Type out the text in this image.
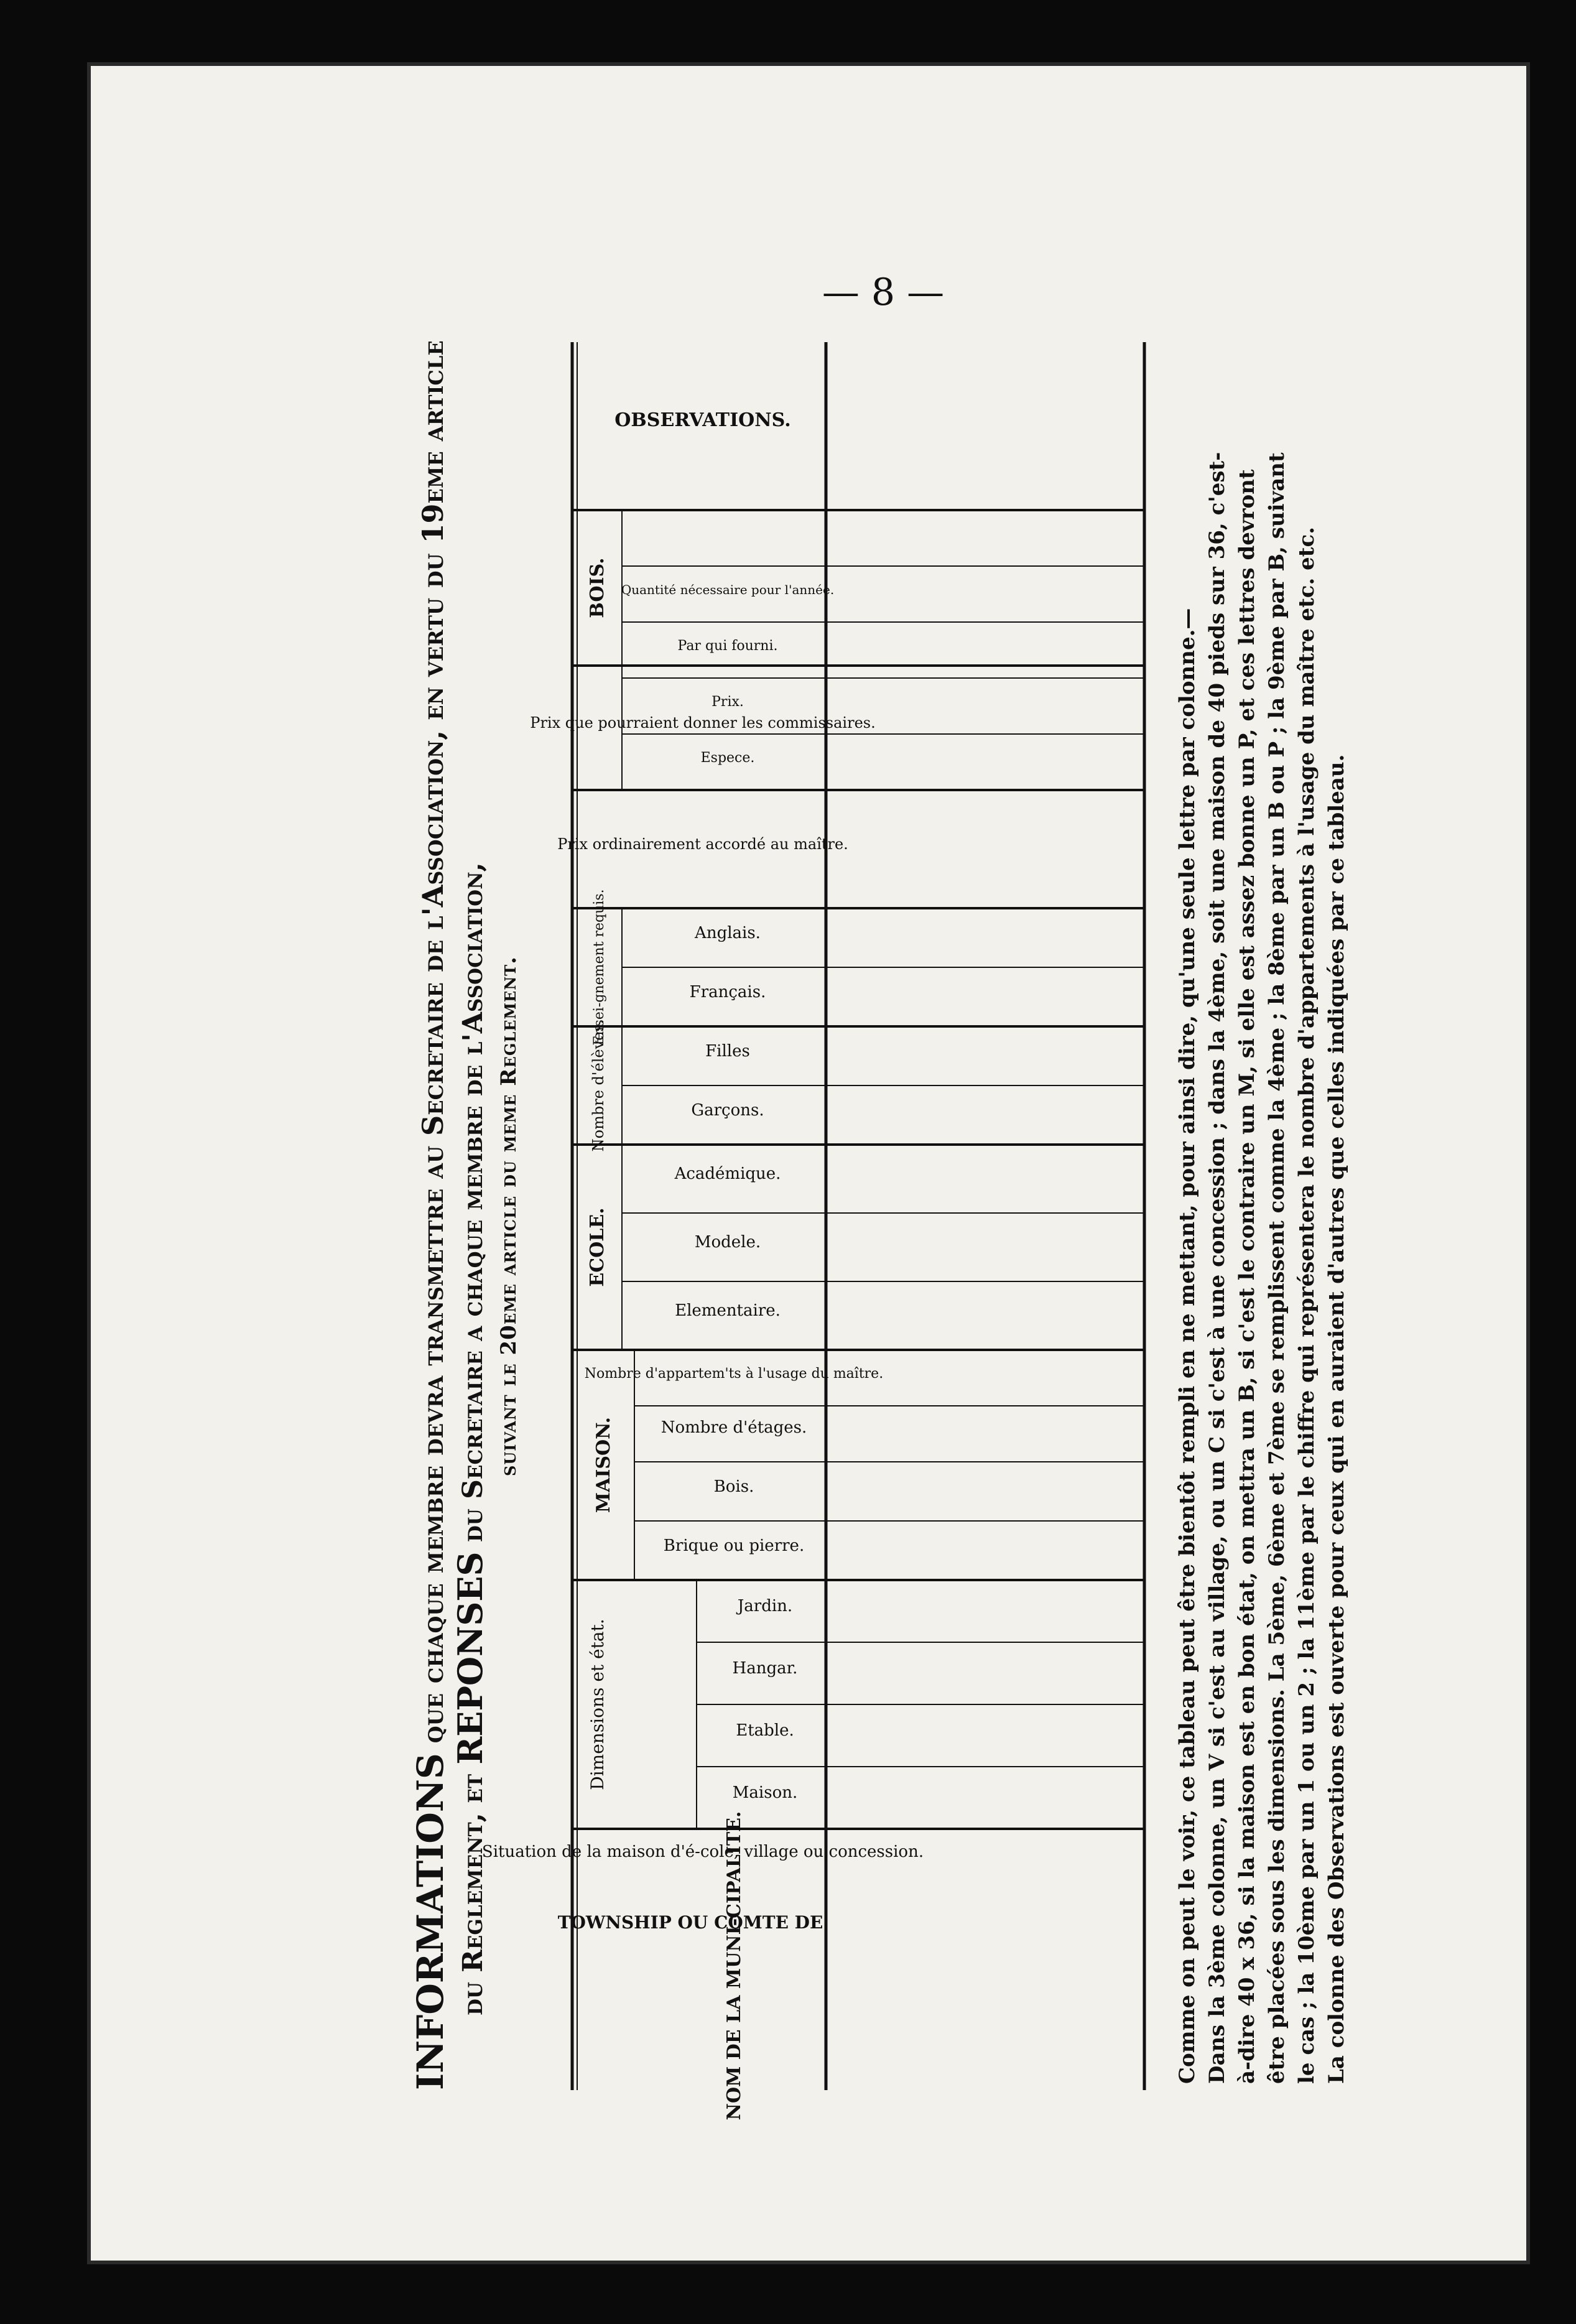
— 8 —
INFORMATIONS que chaque membre devra transmettre au Secretaire de l'Association, en vertu du 19eme article
du Reglement, et REPONSES du Secretaire a chaque membre de l'Association, suivant le 20eme article du meme Reglement.
NOM DE LA MUNI-CIPALITE.
TOWNSHIP OU COMTE DE
Situation de la maison d'é-cole, village ou concession.
Dimensions et état.
Maison.
Etable.
Hangar.
Jardin.
MAISON.
Brique ou pierre.
Bois.
Nombre d'étages.
Nombre d'appartem'ts à l'usage du maître.
ECOLE.
Elementaire.
Modele.
Académique.
Nombre d'élèves.	Garçons.
Filles
Ensei-gnement requis.	Français.
Anglais.
Prix ordinairement accordé au maître.
Prix que pourraient donner les commissaires.
BOIS.
Espece.
Prix.
Par qui fourni.
Quantité nécessaire pour l'année.
OBSERVATIONS.

Comme on peut le voir, ce tableau peut être bientôt rempli en ne mettant, pour ainsi dire, qu'une seule lettre par colonne.— Dans la 3ème colonne, un V si c'est au village, ou un C si c'est à une concession ; dans la 4ème, soit une maison de 40 pieds sur 36, c'est- à-dire 40 x 36, si la maison est en bon état, on mettra un B, si c'est le contraire un M, si elle est assez bonne un P, et ces lettres devront être placées sous les dimensions. La 5ème, 6ème et 7ème se remplissent comme la 4ème ; la 8ème par un B ou P ; la 9ème par B, suivant le cas ; la 10ème par un 1 ou un 2 ; la 11ème par le chiffre qui représentera le nombre d'appartements à l'usage du maître etc. etc. La colonne des Observations est ouverte pour ceux qui en auraient d'autres que celles indiquées par ce tableau.
